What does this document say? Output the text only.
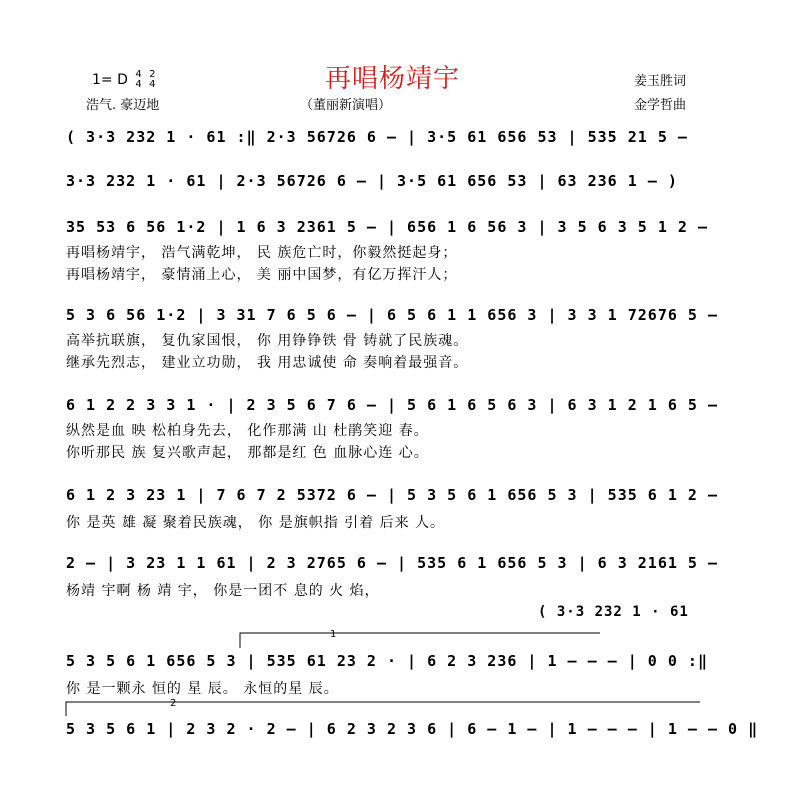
再唱杨靖宇
（董丽新演唱）
1= D 4
4

2
4
浩气. 豪迈地
姜玉胜词
金学哲曲
( 3·3 232 1 · 61 :‖ 2·3 56726 6 – | 3·5 61 656 53 | 535 21 5 –
3·3 232 1 · 61 | 2·3 56726 6 – | 3·5 61 656 53 | 63 236 1 – )
35 53 6 56 1·2 | 1 6 3 2361 5 – | 656 1 6 56 3 | 3 5 6 3 5 1 2 –
再唱杨靖宇， 浩气满乾坤， 民 族危亡时，你毅然挺起身；
再唱杨靖宇， 豪情涌上心， 美 丽中国梦，有亿万挥汗人；
5 3 6 56 1·2 | 3 31 7 6 5 6 – | 6 5 6 1 1 656 3 | 3 3 1 72676 5 –
高举抗联旗， 复仇家国恨， 你 用铮铮铁 骨 铸就了民族魂。
继承先烈志， 建业立功勋， 我 用忠诚使 命 奏响着最强音。
6 1 2 2 3 3 1 · | 2 3 5 6 7 6 – | 5 6 1 6 5 6 3 | 6 3 1 2 1 6 5 –
纵然是血 映 松柏身先去， 化作那满 山 杜鹃笑迎 春。
你听那民 族 复兴歌声起， 那都是红 色 血脉心连 心。
6 1 2 3 23 1 | 7 6 7 2 5372 6 – | 5 3 5 6 1 656 5 3 | 535 6 1 2 –
你 是英 雄 凝 聚着民族魂， 你 是旗帜指 引着 后来 人。
2 – | 3 23 1 1 61 | 2 3 2765 6 – | 535 6 1 656 5 3 | 6 3 2161 5 –
杨靖 宇啊 杨 靖 宇， 你是一团不 息的 火 焰，
( 3·3 232 1 · 61
5 3 5 6 1 656 5 3 | 535 61 23 2 · | 6 2 3 236 | 1 – – – | 0 0 :‖
你 是一颗永 恒的 星 辰。 永恒的星 辰。
5 3 5 6 1 | 2 3 2 · 2 – | 6 2 3 2 3 6 | 6 – 1 – | 1 – – – | 1 – – 0 ‖
1
2
